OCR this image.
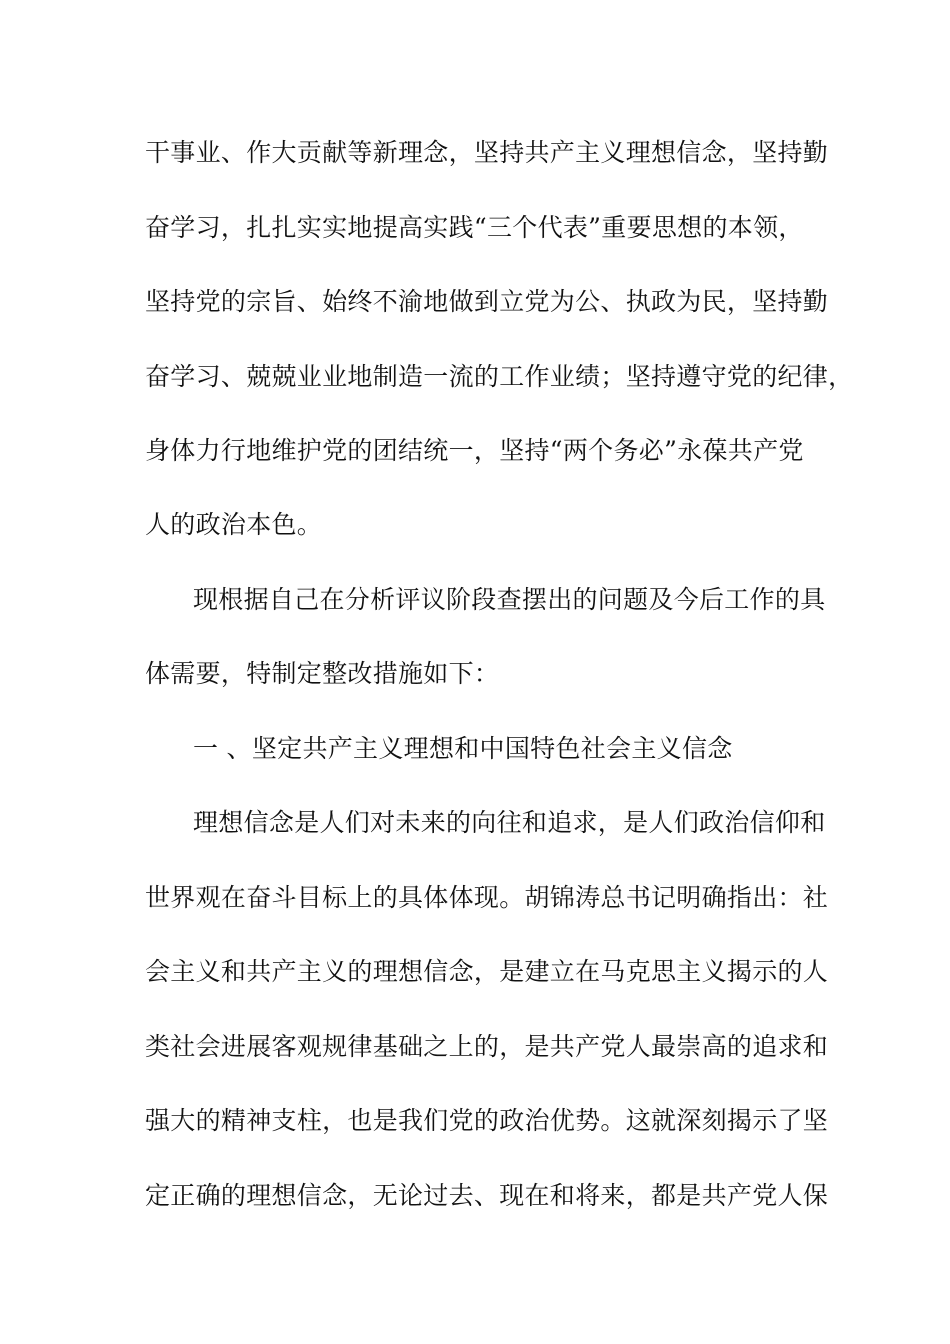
干事业、作大贡献等新理念，坚持共产主义理想信念，坚持勤
奋学习，扎扎实实地提高实践“三个代表”重要思想的本领，
坚持党的宗旨、始终不渝地做到立党为公、执政为民，坚持勤
奋学习、兢兢业业地制造一流的工作业绩；坚持遵守党的纪律，
身体力行地维护党的团结统一，坚持“两个务必”永葆共产党
人的政治本色。
现根据自己在分析评议阶段查摆出的问题及今后工作的具
体需要，特制定整改措施如下：
一 、坚定共产主义理想和中国特色社会主义信念
理想信念是人们对未来的向往和追求，是人们政治信仰和
世界观在奋斗目标上的具体体现。胡锦涛总书记明确指出：社
会主义和共产主义的理想信念，是建立在马克思主义揭示的人
类社会进展客观规律基础之上的，是共产党人最崇高的追求和
强大的精神支柱，也是我们党的政治优势。这就深刻揭示了坚
定正确的理想信念，无论过去、现在和将来，都是共产党人保
